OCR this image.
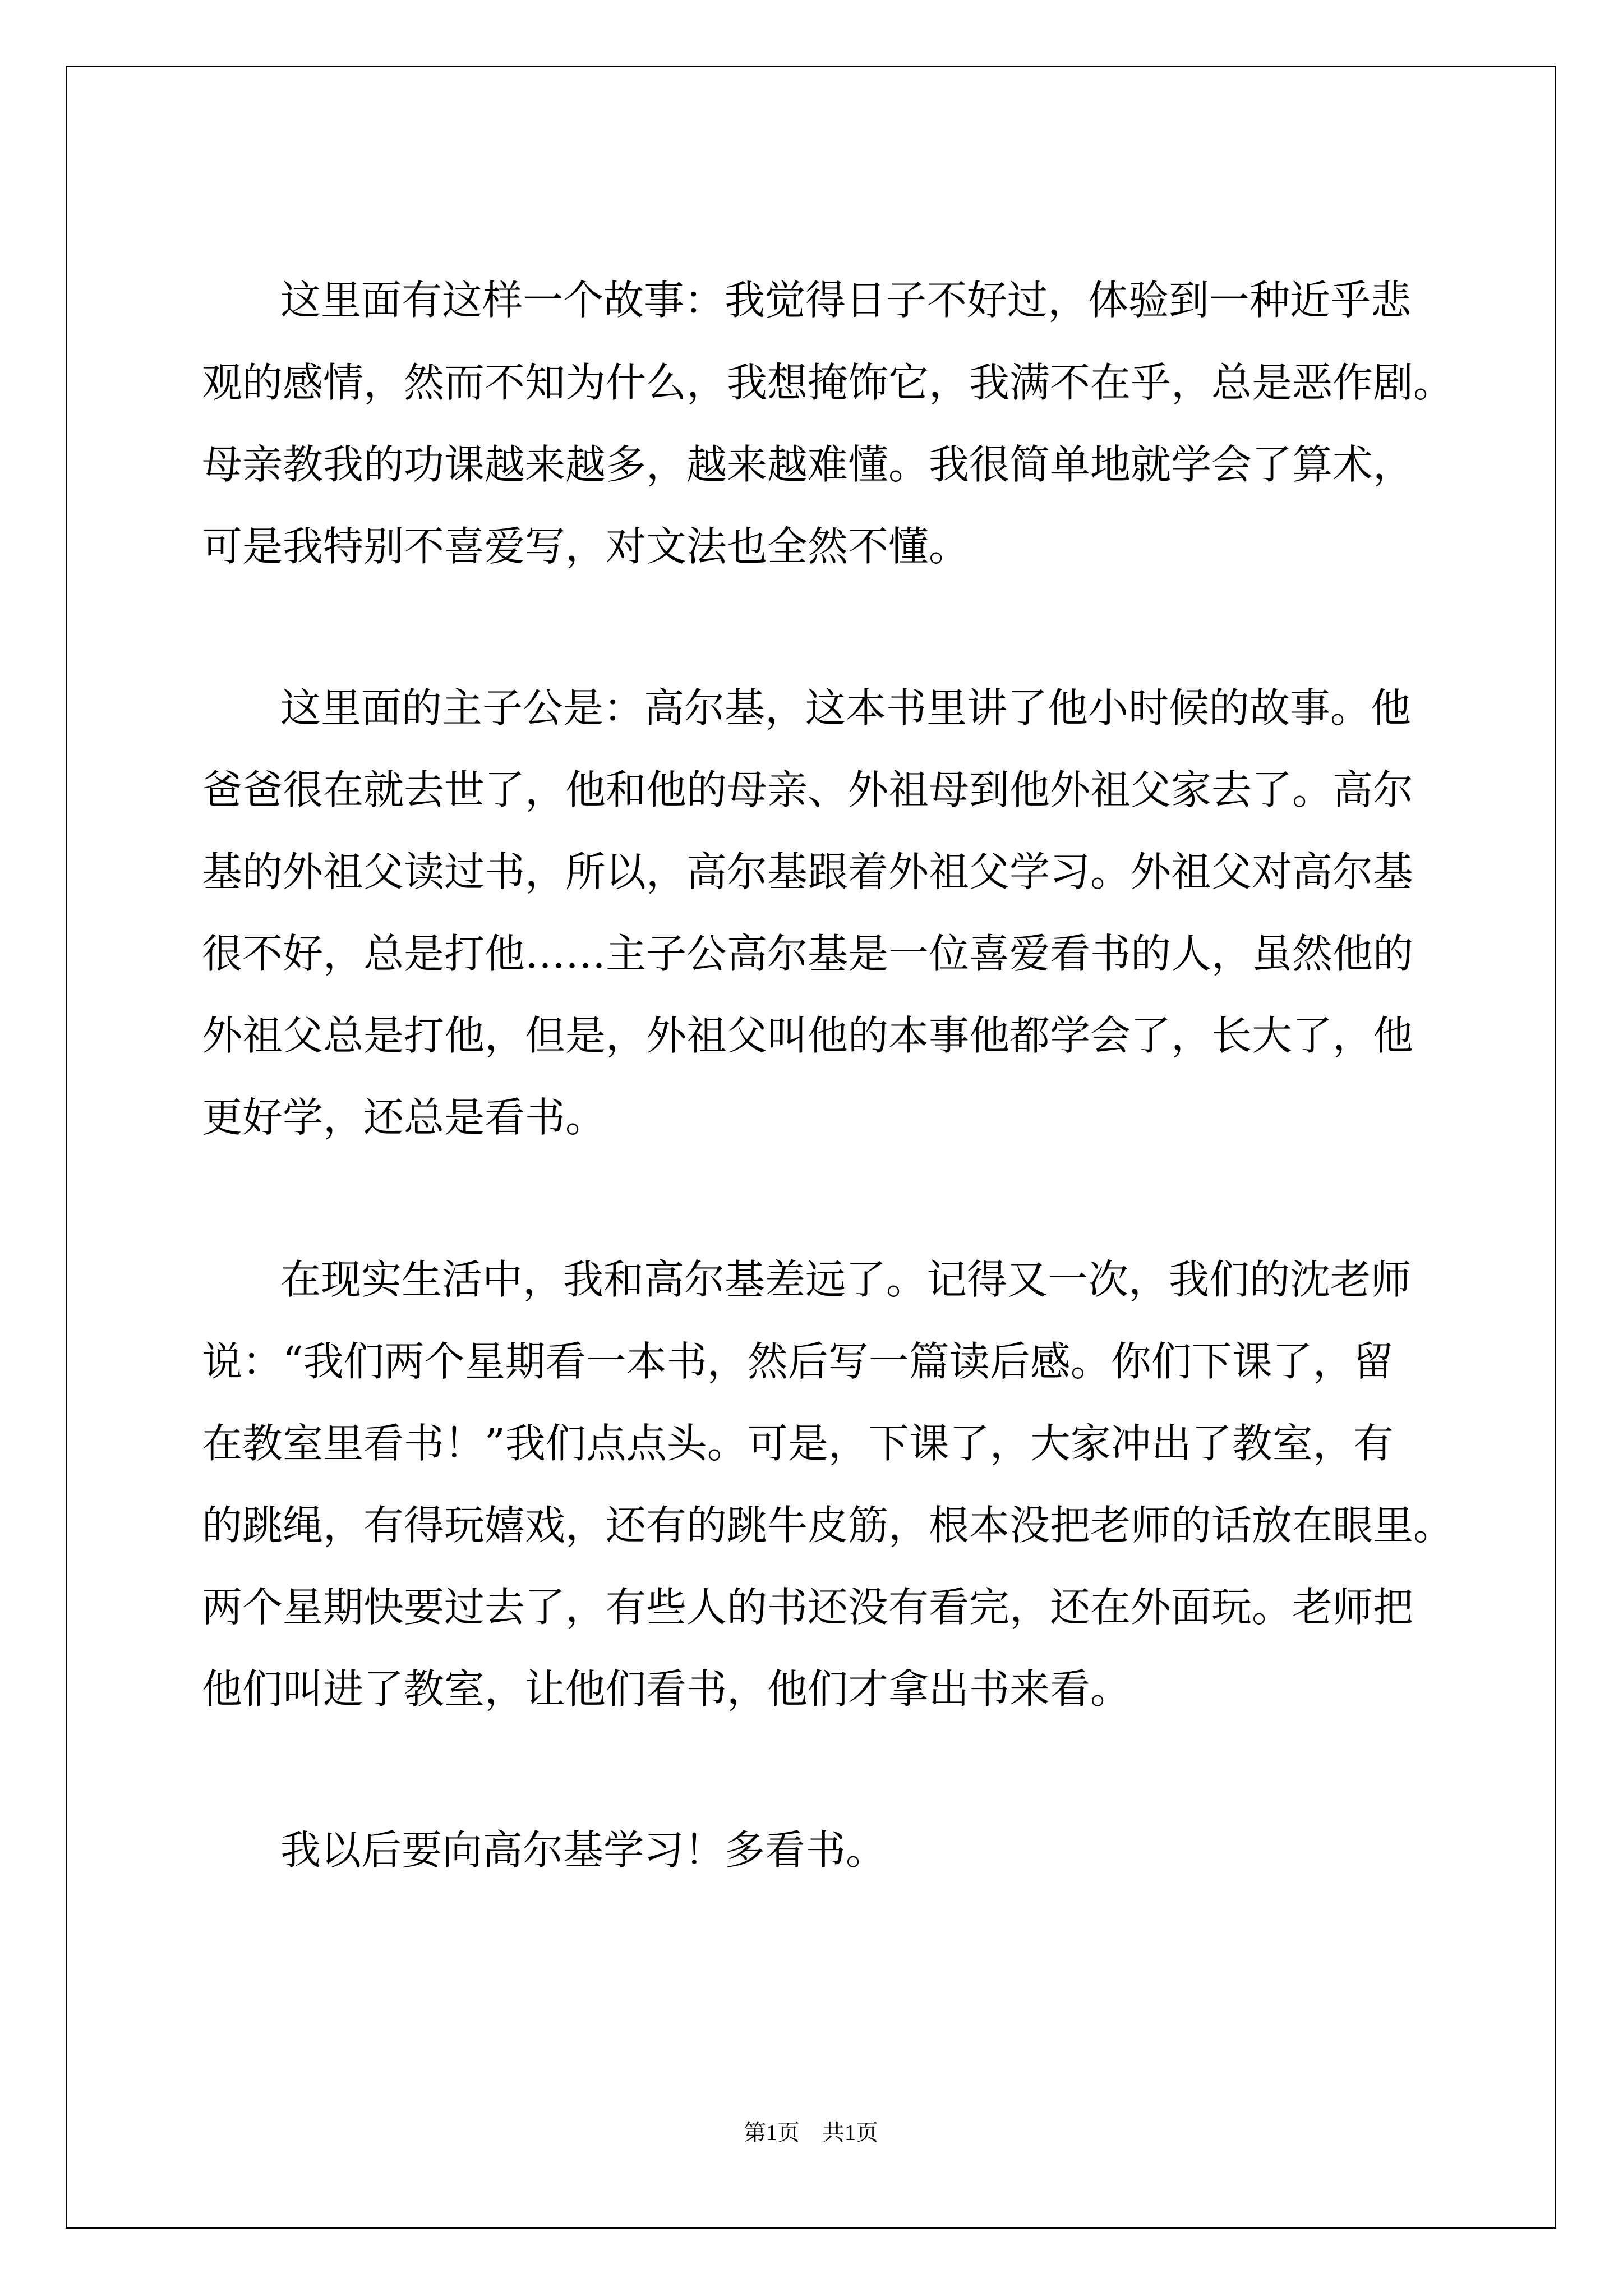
这里面有这样一个故事：我觉得日子不好过，体验到一种近乎悲
观的感情，然而不知为什么，我想掩饰它，我满不在乎，总是恶作剧。
母亲教我的功课越来越多，越来越难懂。我很简单地就学会了算术，
可是我特别不喜爱写，对文法也全然不懂。
这里面的主子公是：高尔基，这本书里讲了他小时候的故事。他
爸爸很在就去世了，他和他的母亲、外祖母到他外祖父家去了。高尔
基的外祖父读过书，所以，高尔基跟着外祖父学习。外祖父对高尔基
很不好，总是打他……主子公高尔基是一位喜爱看书的人，虽然他的
外祖父总是打他，但是，外祖父叫他的本事他都学会了，长大了，他
更好学，还总是看书。
在现实生活中，我和高尔基差远了。记得又一次，我们的沈老师
说：“我们两个星期看一本书，然后写一篇读后感。你们下课了，留
在教室里看书！”我们点点头。可是，下课了，大家冲出了教室，有
的跳绳，有得玩嬉戏，还有的跳牛皮筋，根本没把老师的话放在眼里。
两个星期快要过去了，有些人的书还没有看完，还在外面玩。老师把
他们叫进了教室，让他们看书，他们才拿出书来看。
我以后要向高尔基学习！多看书。
第1页　共1页
